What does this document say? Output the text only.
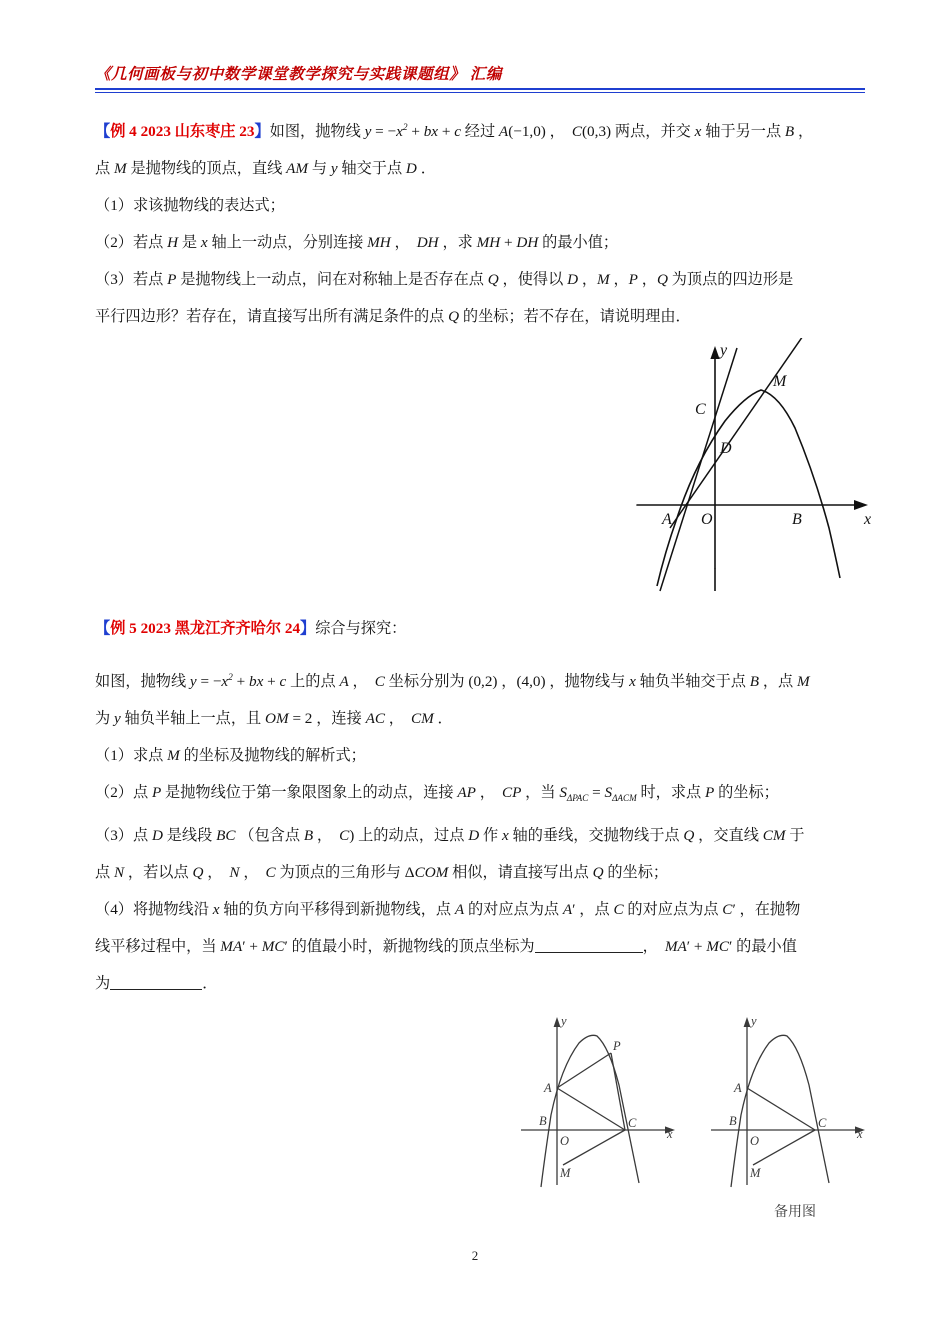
《几何画板与初中数学课堂教学探究与实践课题组》 汇编
【例 4 2023 山东枣庄 23】如图，抛物线 $y = -x^2$ + bx + c 经过 A(−1,0) ， C(0,3) 两点，并交 x 轴于另一点 B ，
点 M 是抛物线的顶点，直线 AM 与 y 轴交于点 D ．
（1）求该抛物线的表达式；
（2）若点 H 是 x 轴上一动点，分别连接 MH ， DH ，求 MH + DH 的最小值；
（3）若点 P 是抛物线上一动点，问在对称轴上是否存在点 Q ，使得以 D ，M ，P ，Q 为顶点的四边形是
平行四边形？若存在，请直接写出所有满足条件的点 Q 的坐标；若不存在，请说明理由．
y
x
M
C
D
A O	B
【例 5 2023 黑龙江齐齐哈尔 24】综合与探究：
如图，抛物线 $y = -x^2$ + bx + c 上的点 A ， C 坐标分别为 (0,2) ，(4,0) ，抛物线与 x 轴负半轴交于点 B ，点 M
为 y 轴负半轴上一点，且 OM = 2 ，连接 AC ， CM ．
（1）求点 M 的坐标及抛物线的解析式；
（2）点 P 是抛物线位于第一象限图象上的动点，连接 AP ， CP ，当 $S_{\Delta PAC} = S_{\Delta ACM}$ 时，求点 P 的坐标；
（3）点 D 是线段 BC （包含点 B ， C) 上的动点，过点 D 作 x 轴的垂线，交抛物线于点 Q ，交直线 CM 于
点 N ，若以点 Q ， N ， C 为顶点的三角形与 ΔCOM 相似，请直接写出点 Q 的坐标；
（4）将抛物线沿 x 轴的负方向平移得到新抛物线，点 A 的对应点为点 A′ ，点 C 的对应点为点 C′ ，在抛物
线平移过程中，当 MA′ + MC′ 的值最小时，新抛物线的顶点坐标为	， MA′ + MC′ 的最小值
为	．
y
x
P
A
B	C
O
M
y
x
A
B	C
O
M
备用图
2
